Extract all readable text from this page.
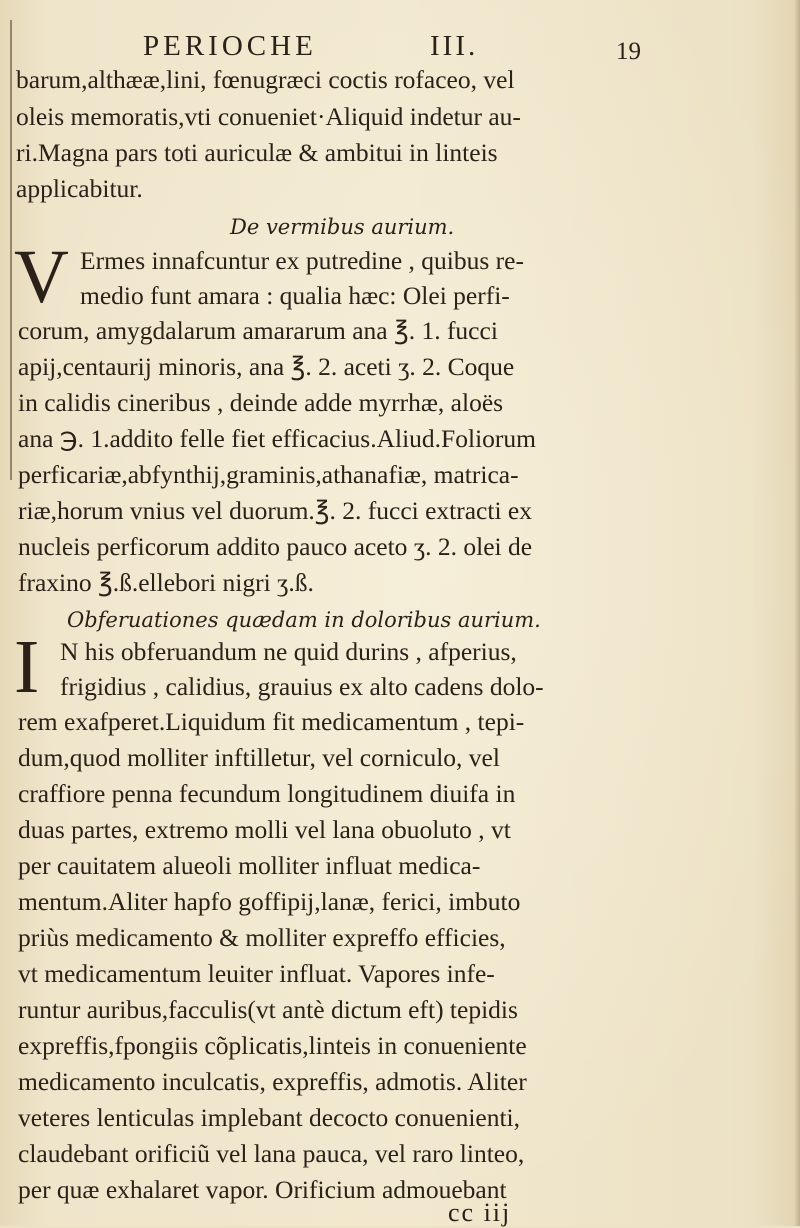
PERIOCHE	III.	19
barum,althææ,lini, fœnugræci coctis rofaceo, vel
oleis memoratis,vti conueniet·Aliquid indetur au-
ri.Magna pars toti auriculæ & ambitui in linteis
applicabitur.
De vermibus aurium.
V Ermes innafcuntur ex putredine , quibus re-
medio funt amara : qualia hæc: Olei perfi-
corum, amygdalarum amararum ana ℥. 1. fucci
apij,centaurij minoris, ana ℥. 2. aceti ʒ. 2. Coque
in calidis cineribus , deinde adde myrrhæ, aloës
ana ℈. 1.addito felle fiet efficacius.Aliud.Foliorum
perficariæ,abfynthij,graminis,athanafiæ, matrica-
riæ,horum vnius vel duorum.℥. 2. fucci extracti ex
nucleis perficorum addito pauco aceto ʒ. 2. olei de
fraxino ℥.ß.ellebori nigri ʒ.ß.
Obferuationes quædam in doloribus aurium.
I N his obferuandum ne quid durins , afperius,
frigidius , calidius, grauius ex alto cadens dolo-
rem exafperet.Liquidum fit medicamentum , tepi-
dum,quod molliter inftilletur, vel corniculo, vel
craffiore penna fecundum longitudinem diuifa in
duas partes, extremo molli vel lana obuoluto , vt
per cauitatem alueoli molliter influat medica-
mentum.Aliter hapfo goffipij,lanæ, ferici, imbuto
priùs medicamento & molliter expreffo efficies,
vt medicamentum leuiter influat. Vapores infe-
runtur auribus,facculis(vt antè dictum eft) tepidis
expreffis,fpongiis cõplicatis,linteis in conueniente
medicamento inculcatis, expreffis, admotis. Aliter
veteres lenticulas implebant decocto conuenienti,
claudebant orificiũ vel lana pauca, vel raro linteo,
per quæ exhalaret vapor. Orificium admouebant
cc iij
